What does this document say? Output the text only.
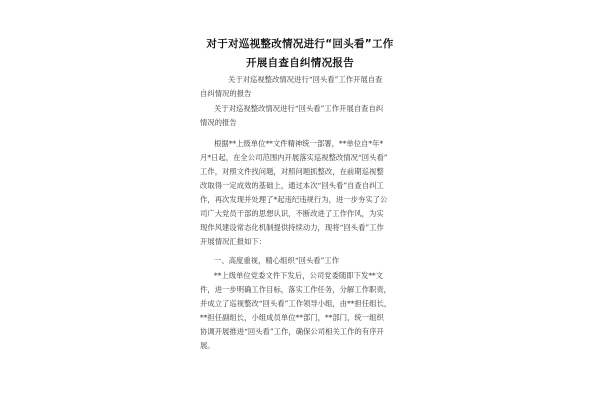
对于对巡视整改情况进行“回头看”工作
开展自查自纠情况报告
关于对巡视整改情况进行“回头看”工作开展自查
自纠情况的报告
关于对巡视整改情况进行“回头看”工作开展自查自纠
情况的报告
根据**上级单位**文件精神统一部署，**单位自*年*
月*日起，在全公司范围内开展落实巡视整改情况“回头看”
工作，对照文件找问题，对照问题抓整改，在前期巡视整
改取得一定成效的基础上，通过本次“回头看”自查自纠工
作，再次发现并处理了*起违纪违规行为，进一步夯实了公
司广大党员干部的思想认识，不断改进了工作作风，为实
现作风建设常态化机制提供持续动力，现将“回头看”工作
开展情况汇报如下：
一、高度重视，精心组织“回头看”工作
**上级单位党委文件下发后，公司党委随即下发**文
件，进一步明确工作目标，落实工作任务，分解工作职责，
并成立了巡视整改“回头看”工作领导小组，由**担任组长，
**担任副组长，小组成员单位**部门，**部门，统一组织
协调开展推进“回头看”工作，确保公司相关工作的有序开
展。
